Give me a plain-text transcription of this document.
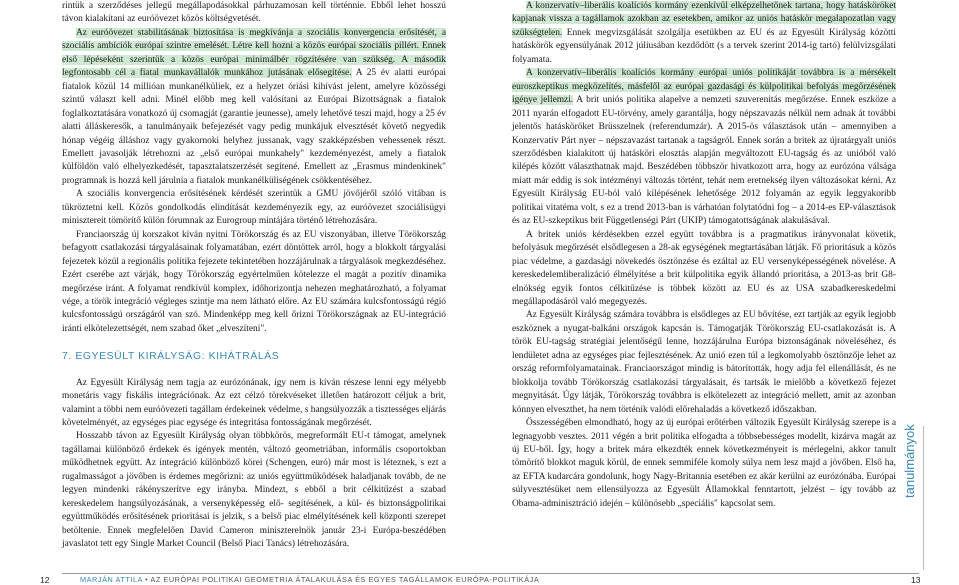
rintük a szerződéses jellegű megállapodásokkal párhuzamosan kell történnie. Ebből lehet hosszú távon kialakítani az euróövezet közös költségvetését.

Az euróövezet stabilitásának biztosítása is megkívánja a szociális konvergencia erősítését, a szociális ambíciók európai szintre emelését. Létre kell hozni a közös európai szociális pillért. Ennek első lépéseként szerintük a közös európai minimálbér rögzítésére van szükség. A második legfontosabb cél a fiatal munkavállalók munkához jutásának elősegítése. A 25 év alatti európai fiatalok közül 14 millióan munkanélküliek, ez a helyzet óriási kihívást jelent, amelyre közösségi szintű választ kell adni. Minél előbb meg kell valósítani az Európai Bizottságnak a fiatalok foglalkoztatására vonatkozó új csomagját (garantie jeunesse), amely lehetővé teszi majd, hogy a 25 év alatti álláskeresők, a tanulmányaik befejezését vagy pedig munkájuk elvesztését követő negyedik hónap végéig álláshoz vagy gyakornoki helyhez jussanak, vagy szakképzésben vehessenek részt. Emellett javasolják létrehozni az „első európai munkahely" kezdeményezést, amely a fiatalok külföldön való elhelyezkedését, tapasztalatszerzését segítené. Emellett az „Erasmus mindenkinek" programnak is hozzá kell járulnia a fiatalok munkanélküliségének csökkentéséhez.

A szociális konvergencia erősítésének kérdését szerintük a GMU jövőjéről szóló vitában is tükröztetni kell. Közös gondolkodás elindítását kezdeményezik egy, az euróövezet szociálisügyi minisztereit tömörítő külön fórumnak az Eurogroup mintájára történő létrehozására.

Franciaország új korszakot kíván nyitni Törökország és az EU viszonyában, illetve Törökország befagyott csatlakozási tárgyalásainak folyamatában, ezért döntöttek arról, hogy a blokkolt tárgyalási fejezetek közül a regionális politika fejezete tekintetében hozzájárulnak a tárgyalások megkezdéséhez. Ezért cserébe azt várják, hogy Törökország egyértelműen kötelezze el magát a pozitív dinamika megőrzése iránt. A folyamat rendkívül komplex, időhorizontja nehezen meghatározható, a folyamat vége, a török integráció végleges szintje ma nem látható előre. Az EU számára kulcsfontosságú régió kulcsfontosságú országáról van szó. Mindenképp meg kell őrizni Törökországnak az EU-integráció iránti elkötelezettségét, nem szabad őket „elveszíteni".

7. EGYESÜLT KIRÁLYSÁG: KIHÁTRÁLÁS

Az Egyesült Királyság nem tagja az eurózónának, így nem is kíván részese lenni egy mélyebb monetáris vagy fiskális integrációnak. Az ezt célzó törekvéseket illetően határozott céljuk a brit, valamint a többi nem euróövezeti tagállam érdekeinek védelme, s hangsúlyozzák a tisztességes eljárás követelményét, az egységes piac egysége és integritása fontosságának megőrzését.

Hosszabb távon az Egyesült Királyság olyan többkörös, megreformált EU-t támogat, amelynek tagállamai különböző érdekek és igények mentén, változó geometriában, informális csoportokban működhetnek együtt. Az integráció különböző körei (Schengen, euró) már most is léteznek, s ezt a rugalmasságot a jövőben is érdemes megőrizni: az uniós együttműködések haladjanak tovább, de ne legyen mindenki rákényszerítve egy irányba. Mindezt, s ebből a brit célkitűzést a szabad kereskedelem hangsúlyozásának, a versenyképesség elő- segítésének, a kül- és biztonságpolitikai együttműködés erősítésének prioritásai is jelzik, s a belső piac elmélyítésének kell központi szerepet betöltenie. Ennek megfelelően David Cameron miniszterelnök január 23-i Európa-beszédében javaslatot tett egy Single Market Council (Belső Piaci Tanács) létrehozására.

A konzervatív–liberális koalíciós kormány ezenkívül elképzelhetőnek tartana, hogy hatásköröket kapjanak vissza a tagállamok azokban az esetekben, amikor az uniós hatáskör megalapozatlan vagy szükségtelen. Ennek megvizsgálását szolgálja esetükben az EU és az Egyesült Királyság közötti hatáskörök egyensúlyának 2012 júliusában kezdődött (s a tervek szerint 2014-ig tartó) felülvizsgálati folyamata.

A konzervatív–liberális koalíciós kormány európai uniós politikáját továbbra is a mérsékelt euroszkeptikus megközelítés, másfelől az európai gazdasági és külpolitikai befolyás megőrzésének igénye jellemzi. A brit uniós politika alapelve a nemzeti szuverenitás megőrzése. Ennek eszköze a 2011 nyarán elfogadott EU-törvény, amely garantálja, hogy népszavazás nélkül nem adnak át további jelentős hatásköröket Brüsszelnek (referendumzár). A 2015-ös választások után – amennyiben a Konzervatív Párt nyer – népszavazást tartanak a tagságról. Ennek során a britek az újratárgyalt uniós szerződésben kialakított új hatásköri elosztás alapján megváltozott EU-tagság és az unióból való kilépés között választhatnak majd. Beszédében többször hivatkozott arra, hogy az eurózóna válsága miatt már eddig is sok intézményi változás történt, tehát nem eretnekség ilyen változásokat kérni. Az Egyesült Királyság EU-ból való kilépésének lehetősége 2012 folyamán az egyik leggyakoribb politikai vitatéma volt, s ez a trend 2013-ban is várhatóan folytatódni fog – a 2014-es EP-választások és az EU-szkeptikus brit Függetlenségi Párt (UKIP) támogatottságának alakulásával.

A britek uniós kérdésekben ezzel együtt továbbra is a pragmatikus irányvonalat követik, befolyásuk megőrzését elsődlegesen a 28-ak egységének megtartásában látják. Fő prioritásuk a közös piac védelme, a gazdasági növekedés ösztönzése és ezáltal az EU versenyképességének növelése. A kereskedelemliberalizáció élmélyítése a brit külpolitika egyik állandó prioritása, a 2013-as brit G8-elnökség egyik fontos célkitűzése is többek között az EU és az USA szabadkereskedelmi megállapodásáról való megegyezés.

Az Egyesült Királyság számára továbbra is elsődleges az EU bővítése, ezt tartják az egyik legjobb eszköznek a nyugat-balkáni országok kapcsán is. Támogatják Törökország EU-csatlakozását is. A török EU-tagság stratégiai jelentőségű lenne, hozzájárulna Európa biztonságának növeléséhez, és lendületet adna az egységes piac fejlesztésének. Az unió ezen túl a legkomolyabb ösztönzője lehet az ország reformfolyamatainak. Franciaországot mindig is bátorították, hogy adja fel ellenállását, és ne blokkolja tovább Törökország csatlakozási tárgyalásait, és tartsák le mielőbb a következő fejezet megnyitását. Úgy látják, Törökország továbbra is elkötelezett az integráció mellett, amit az azonban könnyen elveszthet, ha nem történik valódi előrehaladás a következő időszakban.

Összességében elmondható, hogy az új európai erőtérben változik Egyesült Királyság szerepe is a legnagyobb vesztes. 2011 végén a brit politika elfogadta a többsebességes modellt, kizárva magát az új EU-ből. Így, hogy a britek mára elkezdték ennek következményeit is mérlegelni, akkor tanult tömörítő blokkot maguk körül, de ennek semmiféle komoly súlya nem lesz majd a jövőben. Első ha, az EFTA kudarcára gondolunk, hogy Nagy-Britannia esetében ez akár kerülni az eurózónába. Európai súlyvesztésüket nem ellensúlyozza az Egyesült Államokkal fenntartott, jelzést – így tovább az Obama-adminisztráció idején – különösebb „speciális" kapcsolat sem.

tanulmányok
12	MARJÁN ATTILA • AZ EURÓPAI POLITIKAI GEOMETRIA ÁTALAKULÁSA ÉS EGYES TAGÁLLAMOK EURÓPA-POLITIKÁJA	13
